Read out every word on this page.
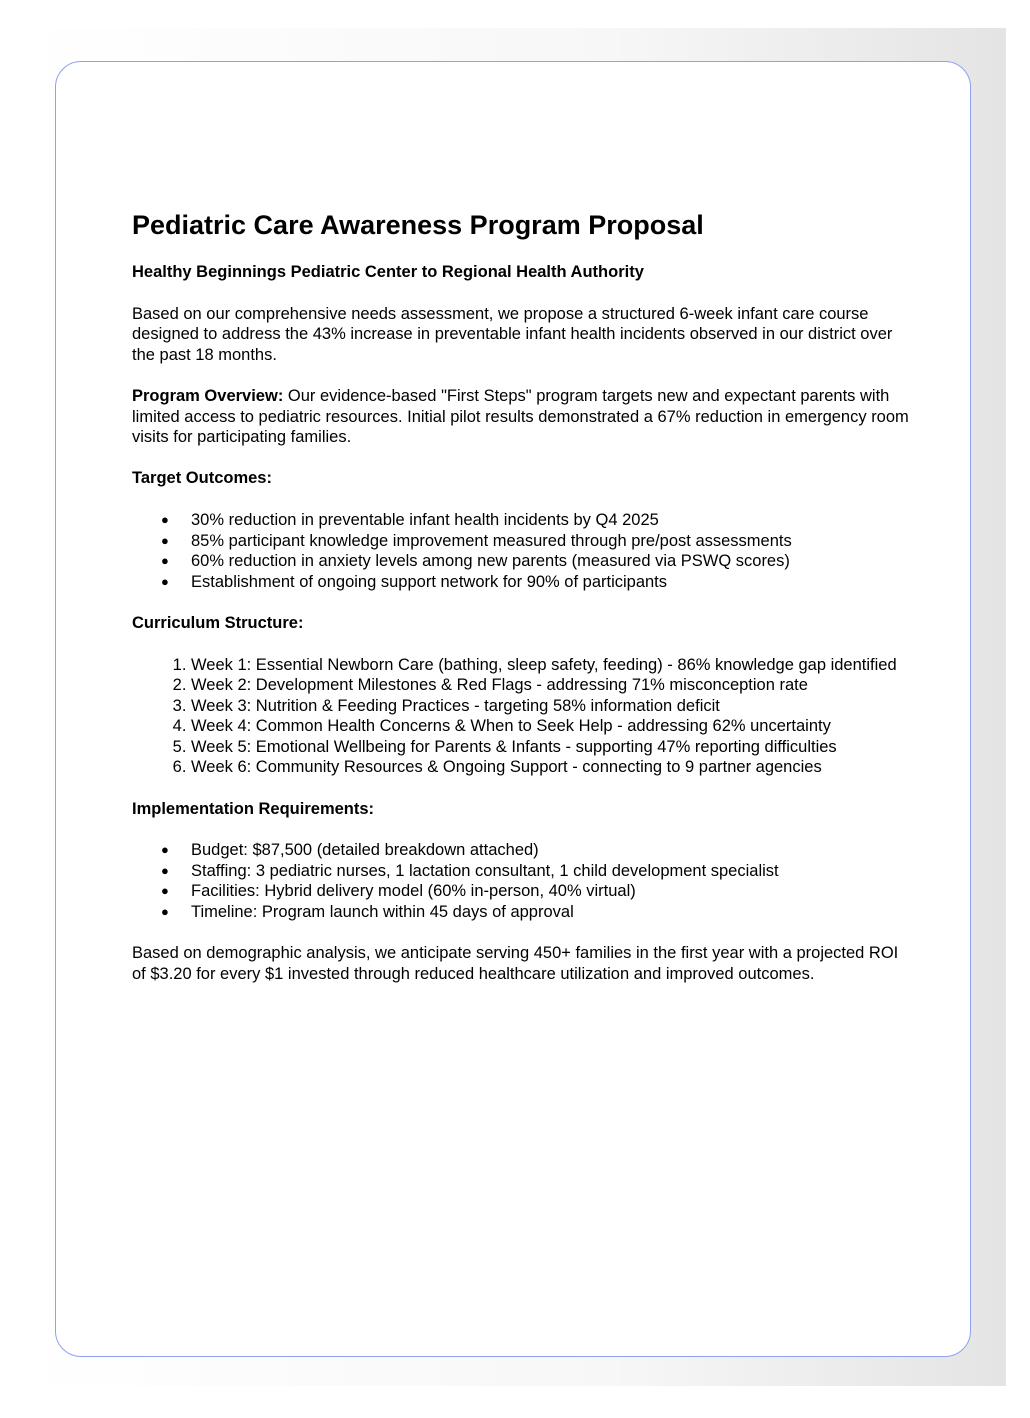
Pediatric Care Awareness Program Proposal
Healthy Beginnings Pediatric Center to Regional Health Authority

Based on our comprehensive needs assessment, we propose a structured 6-week infant care course designed to address the 43% increase in preventable infant health incidents observed in our district over the past 18 months.

Program Overview: Our evidence-based "First Steps" program targets new and expectant parents with limited access to pediatric resources. Initial pilot results demonstrated a 67% reduction in emergency room visits for participating families.

Target Outcomes:
● 30% reduction in preventable infant health incidents by Q4 2025
● 85% participant knowledge improvement measured through pre/post assessments
● 60% reduction in anxiety levels among new parents (measured via PSWQ scores)
● Establishment of ongoing support network for 90% of participants
Curriculum Structure:
1. Week 1: Essential Newborn Care (bathing, sleep safety, feeding) - 86% knowledge gap identified
2. Week 2: Development Milestones & Red Flags - addressing 71% misconception rate
3. Week 3: Nutrition & Feeding Practices - targeting 58% information deficit
4. Week 4: Common Health Concerns & When to Seek Help - addressing 62% uncertainty
5. Week 5: Emotional Wellbeing for Parents & Infants - supporting 47% reporting difficulties
6. Week 6: Community Resources & Ongoing Support - connecting to 9 partner agencies
Implementation Requirements:
● Budget: $87,500 (detailed breakdown attached)
● Staffing: 3 pediatric nurses, 1 lactation consultant, 1 child development specialist
● Facilities: Hybrid delivery model (60% in-person, 40% virtual)
● Timeline: Program launch within 45 days of approval

Based on demographic analysis, we anticipate serving 450+ families in the first year with a projected ROI of $3.20 for every $1 invested through reduced healthcare utilization and improved outcomes.
